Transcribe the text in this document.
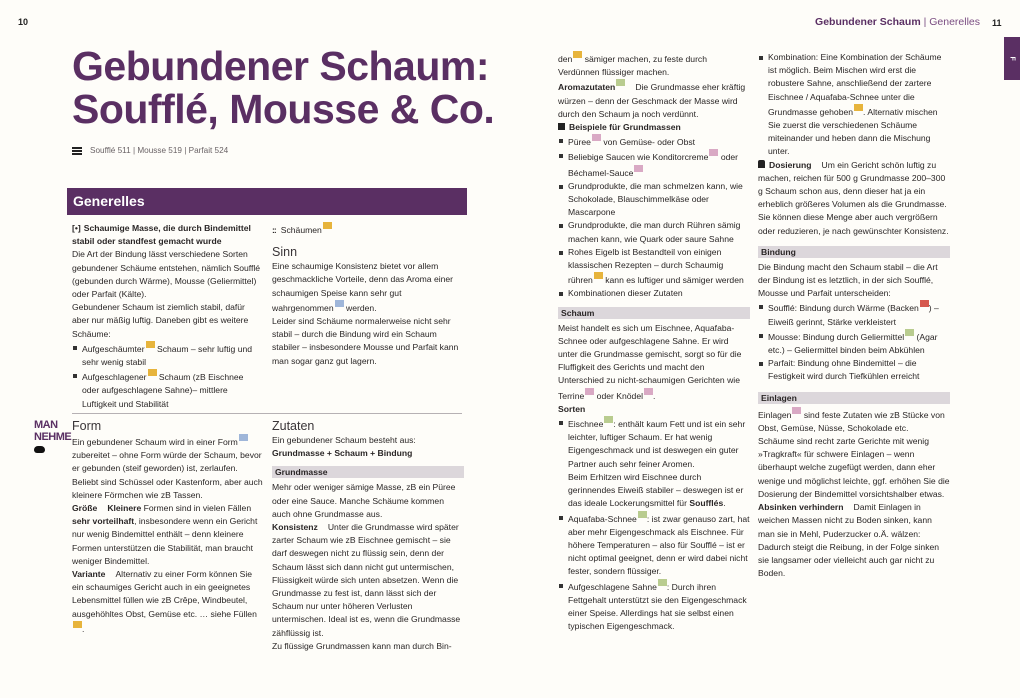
10
Gebundener Schaum:
Soufflé, Mousse & Co.
Soufflé 511 | Mousse 519 | Parfait 524
Generelles

[•] Schaumige Masse, die durch Bindemittel stabil oder standfest gemacht wurde

Die Art der Bindung lässt verschiedene Sorten gebundener Schäume entstehen, nämlich Soufflé (gebunden durch Wärme), Mousse (Geliermittel) oder Parfait (Kälte).

Gebundener Schaum ist ziemlich stabil, dafür aber nur mäßig luftig. Daneben gibt es weitere Schäume:

Aufgeschäumter Schaum – sehr luftig und sehr wenig stabil
Aufgeschlagener Schaum (zB Eischnee oder aufgeschlagene Sahne)– mittlere Luftigkeit und Stabilität

:: Schäumen

Sinn

Eine schaumige Konsistenz bietet vor allem geschmackliche Vorteile, denn das Aroma einer schaumigen Speise kann sehr gut wahrgenommen werden.

Leider sind Schäume normalerweise nicht sehr stabil – durch die Bindung wird ein Schaum stabiler – insbesondere Mousse und Parfait kann man sogar ganz gut lagern.

MAN
NEHME
Form

Ein gebundener Schaum wird in einer Form zubereitet – ohne Form würde der Schaum, bevor er gebunden (steif geworden) ist, zerlaufen. Beliebt sind Schüssel oder Kastenform, aber auch kleinere Förmchen wie zB Tassen.

Größe Kleinere Formen sind in vielen Fällen sehr vorteilhaft, insbesondere wenn ein Gericht nur wenig Bindemittel enthält – denn kleinere Formen unterstützen die Stabilität, man braucht weniger Bindemittel.

Variante Alternativ zu einer Form können Sie ein schaumiges Gericht auch in ein geeignetes Lebensmittel füllen wie zB Crêpe, Windbeutel, ausgehöhltes Obst, Gemüse etc. … siehe Füllen.

Zutaten

Ein gebundener Schaum besteht aus:

Grundmasse + Schaum + Bindung

Grundmasse

Mehr oder weniger sämige Masse, zB ein Püree oder eine Sauce. Manche Schäume kommen auch ohne Grundmasse aus.

Konsistenz Unter die Grundmasse wird später zarter Schaum wie zB Eischnee gemischt – sie darf deswegen nicht zu flüssig sein, denn der Schaum lässt sich dann nicht gut untermischen, Flüssigkeit würde sich unten absetzen. Wenn die Grundmasse zu fest ist, dann lässt sich der Schaum nur unter höheren Verlusten untermischen. Ideal ist es, wenn die Grundmasse zähflüssig ist.

Zu flüssige Grundmassen kann man durch Bin-

Gebundener Schaum | Generelles 11
F

den sämiger machen, zu feste durch Verdünnen flüssiger machen.

Aromazutaten Die Grundmasse eher kräftig würzen – denn der Geschmack der Masse wird durch den Schaum ja noch verdünnt.

Beispiele für Grundmassen

Püree von Gemüse- oder Obst
Beliebige Saucen wie Konditorcreme oder Béchamel-Sauce
Grundprodukte, die man schmelzen kann, wie Schokolade, Blauschimmelkäse oder Mascarpone
Grundprodukte, die man durch Rühren sämig machen kann, wie Quark oder saure Sahne
Rohes Eigelb ist Bestandteil von einigen klassischen Rezepten – durch Schaumig rühren kann es luftiger und sämiger werden
Kombinationen dieser Zutaten
Schaum

Meist handelt es sich um Eischnee, Aquafaba-Schnee oder aufgeschlagene Sahne. Er wird unter die Grundmasse gemischt, sorgt so für die Fluffigkeit des Gerichts und macht den Unterschied zu nicht-schaumigen Gerichten wie Terrine oder Knödel .

Sorten

Eischnee : enthält kaum Fett und ist ein sehr leichter, luftiger Schaum. Er hat wenig Eigengeschmack und ist deswegen ein guter Partner auch sehr feiner Aromen.
Beim Erhitzen wird Eischnee durch gerinnendes Eiweiß stabiler – deswegen ist er das ideale Lockerungsmittel für Soufflés.
Aquafaba-Schnee : ist zwar genauso zart, hat aber mehr Eigengeschmack als Eischnee. Für höhere Temperaturen – also für Soufflé – ist er nicht optimal geeignet, denn er wird dabei nicht fester, sondern flüssiger.
Aufgeschlagene Sahne : Durch ihren Fettgehalt unterstützt sie den Eigengeschmack einer Speise. Allerdings hat sie selbst einen typischen Eigengeschmack.
Kombination: Eine Kombination der Schäume ist möglich. Beim Mischen wird erst die robustere Sahne, anschließend der zartere Eischnee / Aquafaba-Schnee unter die Grundmasse gehoben . Alternativ mischen Sie zuerst die verschiedenen Schäume miteinander und heben dann die Mischung unter.

Dosierung Um ein Gericht schön luftig zu machen, reichen für 500 g Grundmasse 200–300 g Schaum schon aus, denn dieser hat ja ein erheblich größeres Volumen als die Grundmasse. Sie können diese Menge aber auch vergrößern oder reduzieren, je nach gewünschter Konsistenz.

Bindung

Die Bindung macht den Schaum stabil – die Art der Bindung ist es letztlich, in der sich Soufflé, Mousse und Parfait unterscheiden:

Soufflé: Bindung durch Wärme (Backen ) – Eiweiß gerinnt, Stärke verkleistert
Mousse: Bindung durch Geliermittel (Agar etc.) – Geliermittel binden beim Abkühlen
Parfait: Bindung ohne Bindemittel – die Festigkeit wird durch Tiefkühlen erreicht
Einlagen

Einlagen sind feste Zutaten wie zB Stücke von Obst, Gemüse, Nüsse, Schokolade etc.

Schäume sind recht zarte Gerichte mit wenig »Tragkraft« für schwere Einlagen – wenn überhaupt welche zugefügt werden, dann eher wenige und möglichst leichte, ggf. erhöhen Sie die Dosierung der Bindemittel vorsichtshalber etwas.

Absinken verhindern Damit Einlagen in weichen Massen nicht zu Boden sinken, kann man sie in Mehl, Puderzucker o.Ä. wälzen: Dadurch steigt die Reibung, in der Folge sinken sie langsamer oder vielleicht auch gar nicht zu Boden.
